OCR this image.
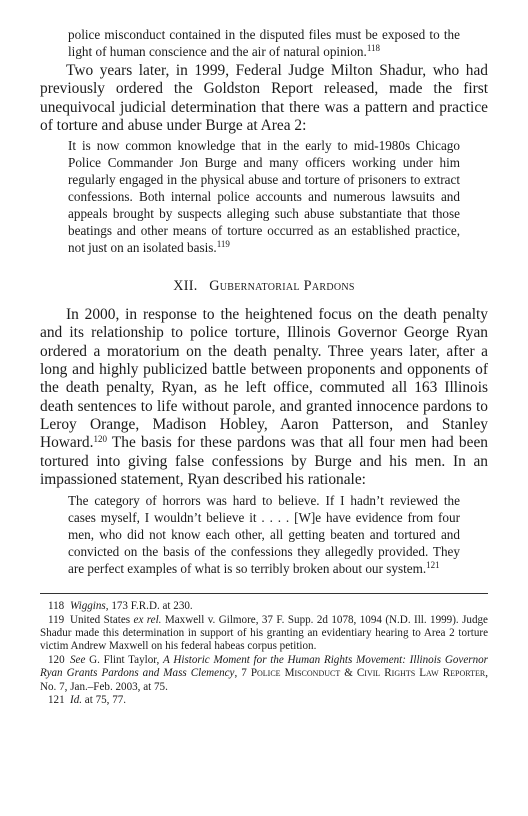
police misconduct contained in the disputed files must be exposed to the light of human conscience and the air of natural opinion.$^{118}$

Two years later, in 1999, Federal Judge Milton Shadur, who had previously ordered the Goldston Report released, made the first unequivocal judicial determination that there was a pattern and practice of torture and abuse under Burge at Area 2:

It is now common knowledge that in the early to mid-1980s Chicago Police Commander Jon Burge and many officers working under him regularly engaged in the physical abuse and torture of prisoners to extract confessions. Both internal police accounts and numerous lawsuits and appeals brought by suspects alleging such abuse substantiate that those beatings and other means of torture occurred as an established practice, not just on an isolated basis.$^{119}$

XII. Gubernatorial Pardons

In 2000, in response to the heightened focus on the death penalty and its relationship to police torture, Illinois Governor George Ryan ordered a moratorium on the death penalty. Three years later, after a long and highly publicized battle between proponents and opponents of the death penalty, Ryan, as he left office, commuted all 163 Illinois death sentences to life without parole, and granted innocence pardons to Leroy Orange, Madison Hobley, Aaron Patterson, and Stanley Howard.$^{120}$ The basis for these pardons was that all four men had been tortured into giving false confessions by Burge and his men. In an impassioned statement, Ryan described his rationale:

The category of horrors was hard to believe. If I hadn’t reviewed the cases myself, I wouldn’t believe it . . . . [W]e have evidence from four men, who did not know each other, all getting beaten and tortured and convicted on the basis of the confessions they allegedly provided. They are perfect examples of what is so terribly broken about our system.$^{121}$

118 Wiggins, 173 F.R.D. at 230.

119 United States ex rel. Maxwell v. Gilmore, 37 F. Supp. 2d 1078, 1094 (N.D. Ill. 1999). Judge Shadur made this determination in support of his granting an evidentiary hearing to Area 2 torture victim Andrew Maxwell on his federal habeas corpus petition.

120 See G. Flint Taylor, A Historic Moment for the Human Rights Movement: Illinois Governor Ryan Grants Pardons and Mass Clemency, 7 Police Misconduct & Civil Rights Law Reporter, No. 7, Jan.–Feb. 2003, at 75.

121 Id. at 75, 77.
